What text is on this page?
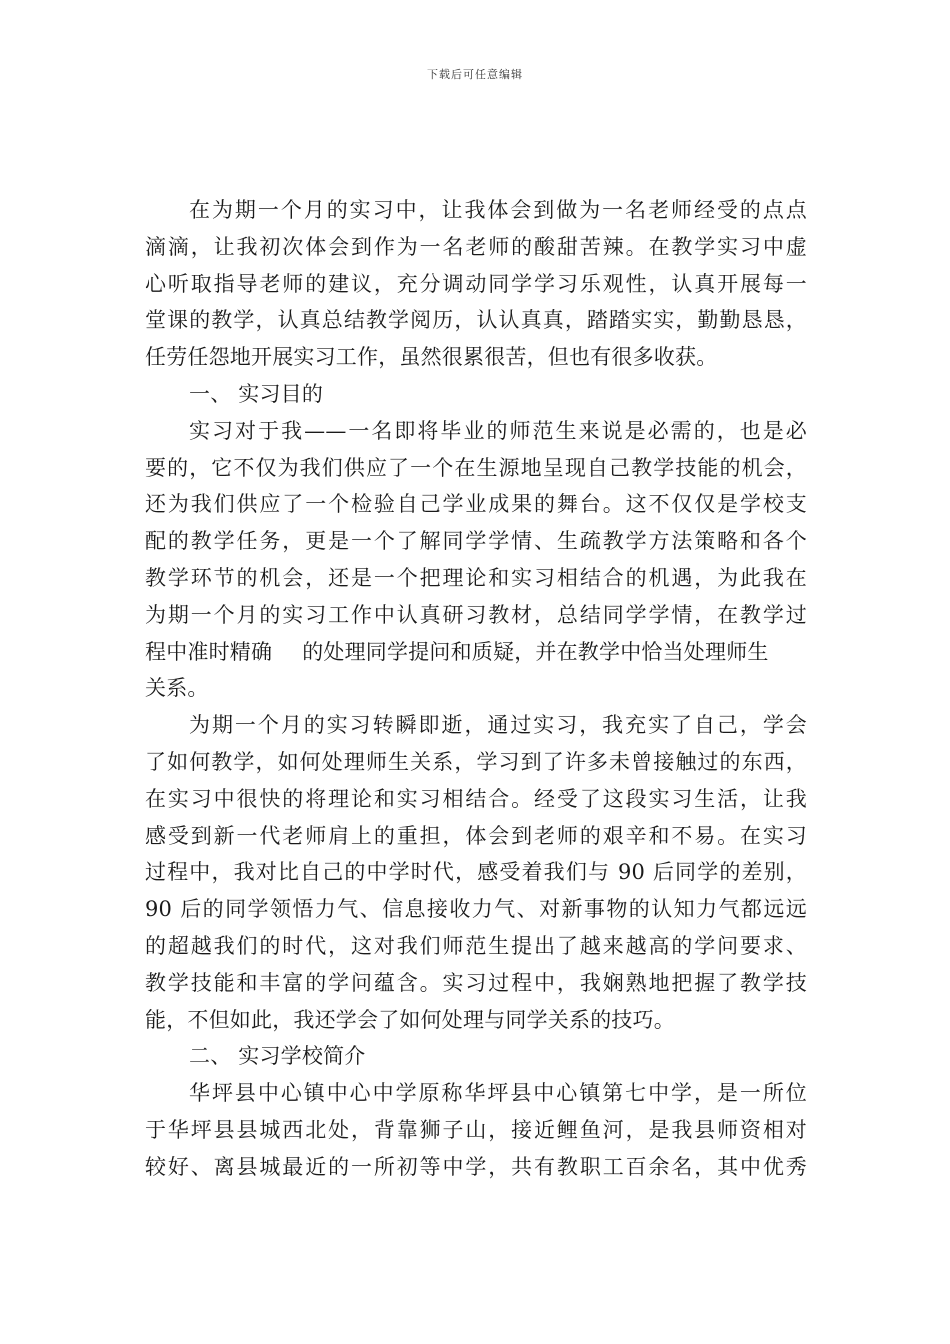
下载后可任意编辑
在为期一个月的实习中，让我体会到做为一名老师经受的点点
滴滴，让我初次体会到作为一名老师的酸甜苦辣。在教学实习中虚
心听取指导老师的建议，充分调动同学学习乐观性，认真开展每一
堂课的教学，认真总结教学阅历，认认真真，踏踏实实，勤勤恳恳，
任劳任怨地开展实习工作，虽然很累很苦，但也有很多收获。
一、 实习目的
实习对于我——一名即将毕业的师范生来说是必需的，也是必
要的，它不仅为我们供应了一个在生源地呈现自己教学技能的机会，
还为我们供应了一个检验自己学业成果的舞台。这不仅仅是学校支
配的教学任务，更是一个了解同学学情、生疏教学方法策略和各个
教学环节的机会，还是一个把理论和实习相结合的机遇，为此我在
为期一个月的实习工作中认真研习教材，总结同学学情，在教学过
程中准时精确 的处理同学提问和质疑，并在教学中恰当处理师生
关系。
为期一个月的实习转瞬即逝，通过实习，我充实了自己，学会
了如何教学，如何处理师生关系，学习到了许多未曾接触过的东西，
在实习中很快的将理论和实习相结合。经受了这段实习生活，让我
感受到新一代老师肩上的重担，体会到老师的艰辛和不易。在实习
过程中，我对比自己的中学时代，感受着我们与 90 后同学的差别，
90 后的同学领悟力气、信息接收力气、对新事物的认知力气都远远
的超越我们的时代，这对我们师范生提出了越来越高的学问要求、
教学技能和丰富的学问蕴含。实习过程中，我娴熟地把握了教学技
能，不但如此，我还学会了如何处理与同学关系的技巧。
二、 实习学校简介
华坪县中心镇中心中学原称华坪县中心镇第七中学，是一所位
于华坪县县城西北处，背靠狮子山，接近鲤鱼河，是我县师资相对
较好、离县城最近的一所初等中学，共有教职工百余名，其中优秀
